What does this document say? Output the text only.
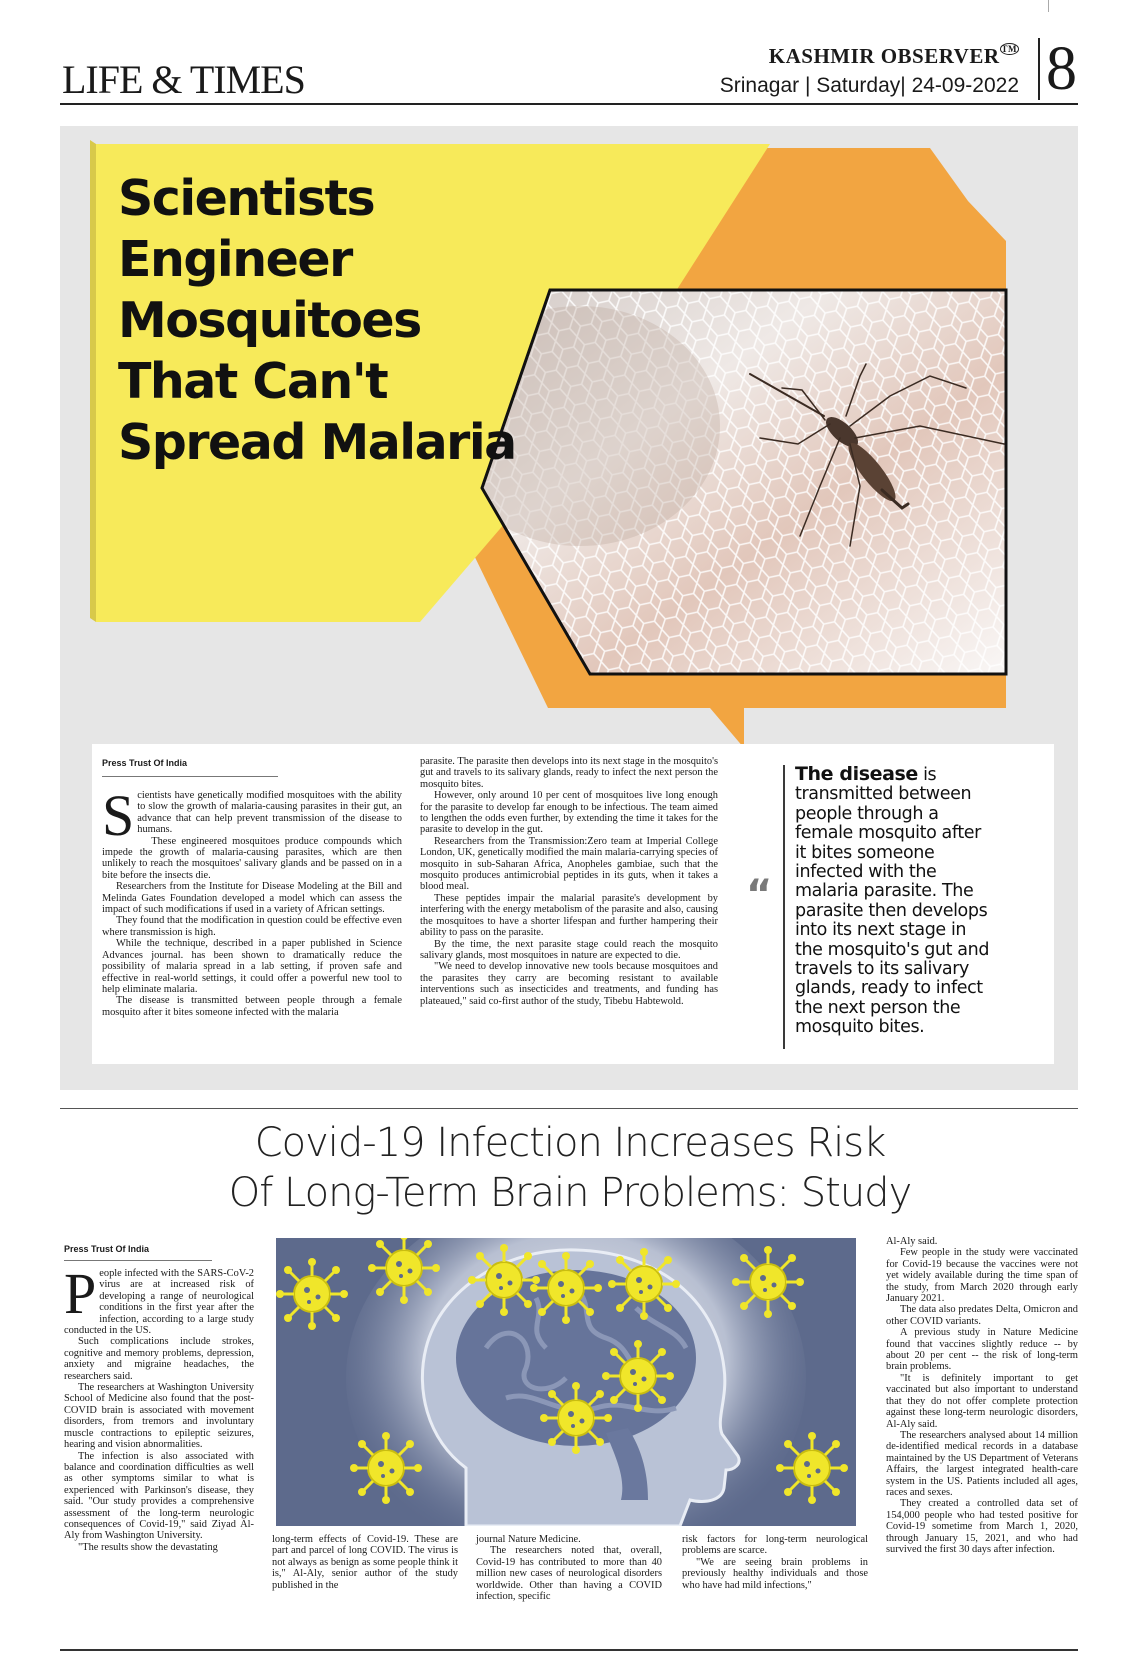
LIFE & TIMES
KASHMIR OBSERVER ™
Srinagar | Saturday| 24-09-2022 8
Scientists Engineer Mosquitoes That Can't Spread Malaria
Press Trust Of India

Scientists have genetically modified mosquitoes with the ability to slow the growth of malaria-causing parasites in their gut, an advance that can help prevent transmission of the disease to humans.

These engineered mosquitoes produce compounds which impede the growth of malaria-causing parasites, which are then unlikely to reach the mosquitoes' salivary glands and be passed on in a bite before the insects die.

Researchers from the Institute for Disease Modeling at the Bill and Melinda Gates Foundation developed a model which can assess the impact of such modifications if used in a variety of African settings.

They found that the modification in question could be effective even where transmission is high.

While the technique, described in a paper published in Science Advances journal. has been shown to dramatically reduce the possibility of malaria spread in a lab setting, if proven safe and effective in real-world settings, it could offer a powerful new tool to help eliminate malaria.

The disease is transmitted between people through a female mosquito after it bites someone infected with the malaria

parasite. The parasite then develops into its next stage in the mosquito's gut and travels to its salivary glands, ready to infect the next person the mosquito bites.

However, only around 10 per cent of mosquitoes live long enough for the parasite to develop far enough to be infectious. The team aimed to lengthen the odds even further, by extending the time it takes for the parasite to develop in the gut.

Researchers from the Transmission:Zero team at Imperial College London, UK, genetically modified the main malaria-carrying species of mosquito in sub-Saharan Africa, Anopheles gambiae, such that the mosquito produces antimicrobial peptides in its guts, when it takes a blood meal.

These peptides impair the malarial parasite's development by interfering with the energy metabolism of the parasite and also, causing the mosquitoes to have a shorter lifespan and further hampering their ability to pass on the parasite.

By the time, the next parasite stage could reach the mosquito salivary glands, most mosquitoes in nature are expected to die.

"We need to develop innovative new tools because mosquitoes and the parasites they carry are becoming resistant to available interventions such as insecticides and treatments, and funding has plateaued," said co-first author of the study, Tibebu Habtewold.

“
The disease is transmitted between people through a female mosquito after it bites someone infected with the malaria parasite. The parasite then develops into its next stage in the mosquito's gut and travels to its salivary glands, ready to infect the next person the mosquito bites.
Covid-19 Infection Increases Risk
Of Long-Term Brain Problems: Study
Press Trust Of India

People infected with the SARS-CoV-2 virus are at increased risk of developing a range of neurological conditions in the first year after the infection, according to a large study conducted in the US.

Such complications include strokes, cognitive and memory problems, depression, anxiety and migraine headaches, the researchers said.

The researchers at Washington University School of Medicine also found that the post-COVID brain is associated with movement disorders, from tremors and involuntary muscle contractions to epileptic seizures, hearing and vision abnormalities.

The infection is also associated with balance and coordination difficulties as well as other symptoms similar to what is experienced with Parkinson's disease, they said. "Our study provides a comprehensive assessment of the long-term neurologic consequences of Covid-19," said Ziyad Al-Aly from Washington University.

"The results show the devastating

long-term effects of Covid-19. These are part and parcel of long COVID. The virus is not always as benign as some people think it is," Al-Aly, senior author of the study published in the

journal Nature Medicine.

The researchers noted that, overall, Covid-19 has contributed to more than 40 million new cases of neurological disorders worldwide. Other than having a COVID infection, specific

risk factors for long-term neurological problems are scarce.

"We are seeing brain problems in previously healthy individuals and those who have had mild infections,"

Al-Aly said.

Few people in the study were vaccinated for Covid-19 because the vaccines were not yet widely available during the time span of the study, from March 2020 through early January 2021.

The data also predates Delta, Omicron and other COVID variants.

A previous study in Nature Medicine found that vaccines slightly reduce -- by about 20 per cent -- the risk of long-term brain problems.

"It is definitely important to get vaccinated but also important to understand that they do not offer complete protection against these long-term neurologic disorders, Al-Aly said.

The researchers analysed about 14 million de-identified medical records in a database maintained by the US Department of Veterans Affairs, the largest integrated health-care system in the US. Patients included all ages, races and sexes.

They created a controlled data set of 154,000 people who had tested positive for Covid-19 sometime from March 1, 2020, through January 15, 2021, and who had survived the first 30 days after infection.
